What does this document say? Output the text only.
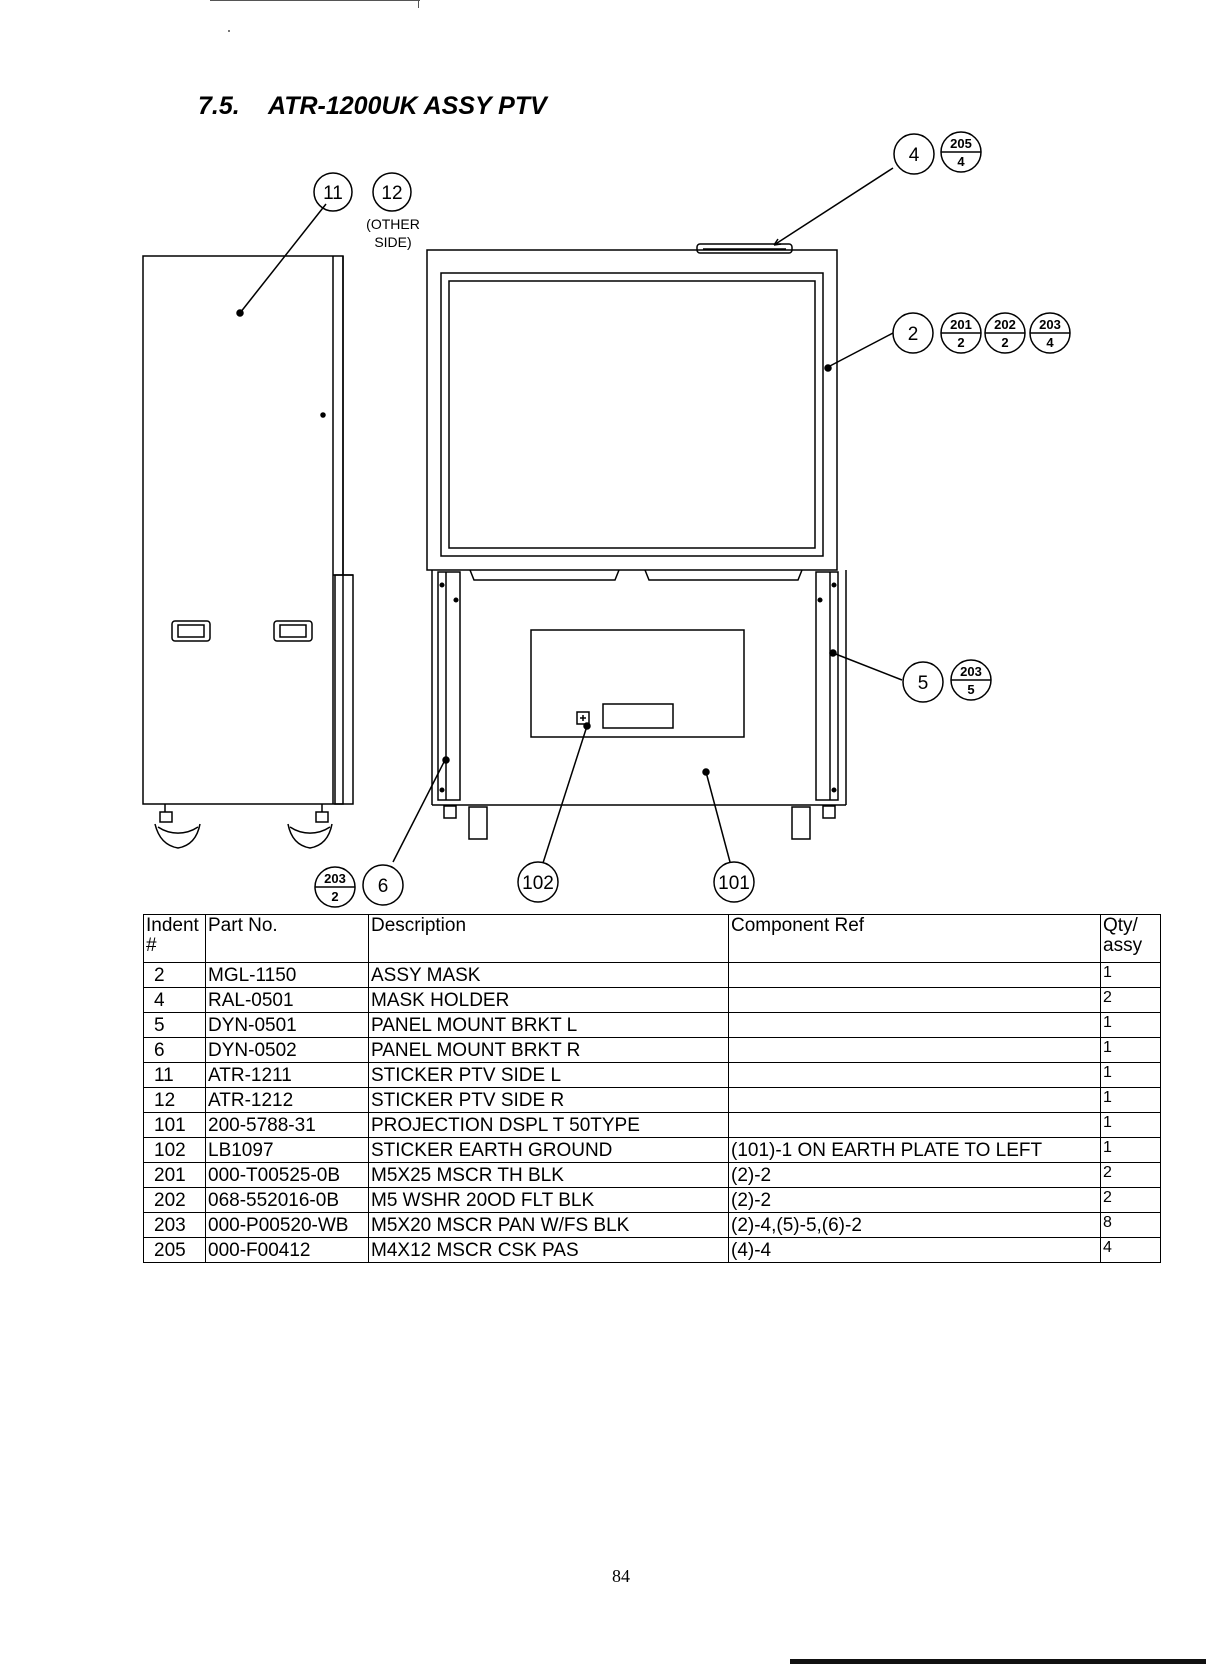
7.5. ATR-1200UK ASSY PTV
11 12
(OTHER
SIDE)
4
205
4
2 201
2
202
2
203
4
5
203
5
203
2 6	102	101
Indent
#	Part No.	Description	Component Ref	Qty/
assy
2	MGL-1150	ASSY MASK		1
4	RAL-0501	MASK HOLDER		2
5	DYN-0501	PANEL MOUNT BRKT L		1
6	DYN-0502	PANEL MOUNT BRKT R		1
11	ATR-1211	STICKER PTV SIDE L		1
12	ATR-1212	STICKER PTV SIDE R		1
101	200-5788-31	PROJECTION DSPL T 50TYPE		1
102	LB1097	STICKER EARTH GROUND	(101)-1 ON EARTH PLATE TO LEFT	1
201	000-T00525-0B	M5X25 MSCR TH BLK	(2)-2	2
202	068-552016-0B	M5 WSHR 20OD FLT BLK	(2)-2	2
203	000-P00520-WB	M5X20 MSCR PAN W/FS BLK	(2)-4,(5)-5,(6)-2	8
205	000-F00412	M4X12 MSCR CSK PAS	(4)-4	4
84
